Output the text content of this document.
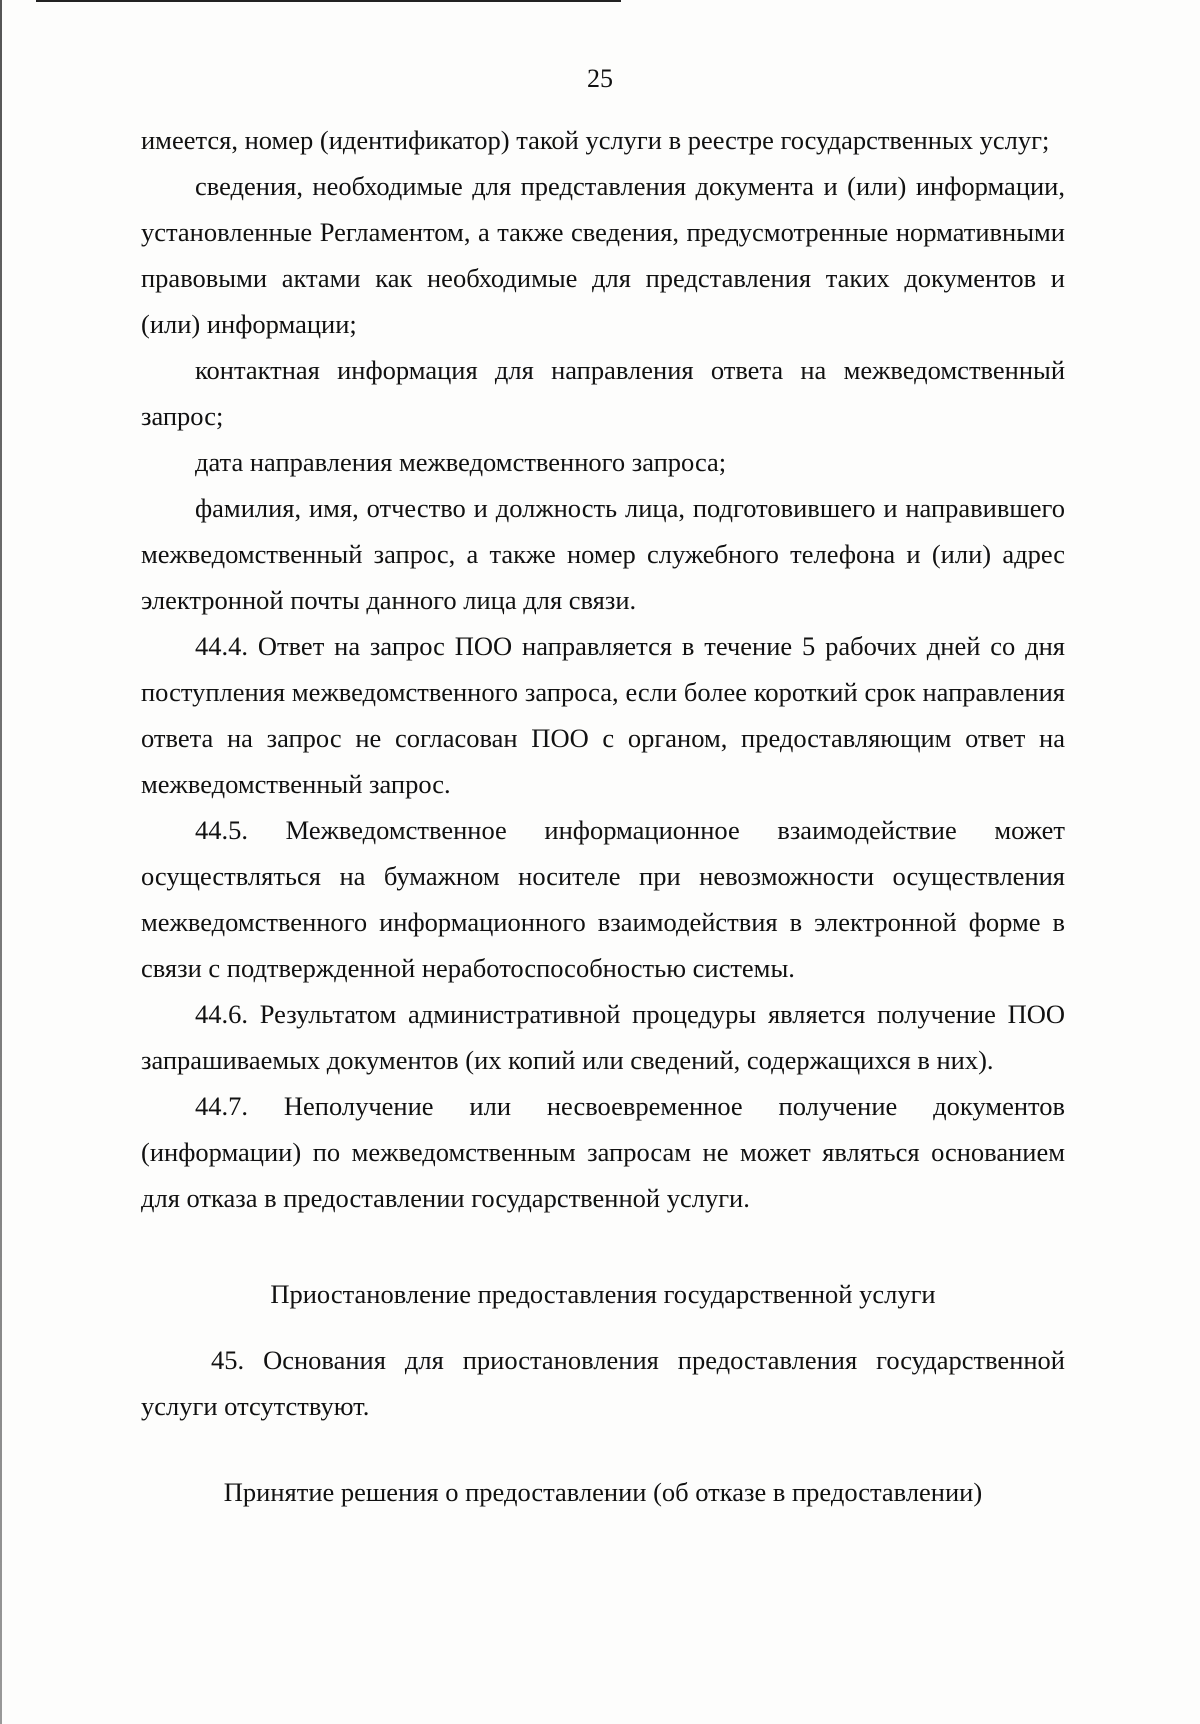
25

имеется, номер (идентификатор) такой услуги в реестре государственных услуг;

сведения, необходимые для представления документа и (или) информации, установленные Регламентом, а также сведения, предусмотренные нормативными правовыми актами как необходимые для представления таких документов и (или) информации;

контактная информация для направления ответа на межведомственный запрос;

дата направления межведомственного запроса;

фамилия, имя, отчество и должность лица, подготовившего и направившего межведомственный запрос, а также номер служебного телефона и (или) адрес электронной почты данного лица для связи.

44.4. Ответ на запрос ПОО направляется в течение 5 рабочих дней со дня поступления межведомственного запроса, если более короткий срок направления ответа на запрос не согласован ПОО с органом, предоставляющим ответ на межведомственный запрос.

44.5. Межведомственное информационное взаимодействие может осуществляться на бумажном носителе при невозможности осуществления межведомственного информационного взаимодействия в электронной форме в связи с подтвержденной неработоспособностью системы.

44.6. Результатом административной процедуры является получение ПОО запрашиваемых документов (их копий или сведений, содержащихся в них).

44.7. Неполучение или несвоевременное получение документов (информации) по межведомственным запросам не может являться основанием для отказа в предоставлении государственной услуги.

Приостановление предоставления государственной услуги

45. Основания для приостановления предоставления государственной услуги отсутствуют.

Принятие решения о предоставлении (об отказе в предоставлении)
